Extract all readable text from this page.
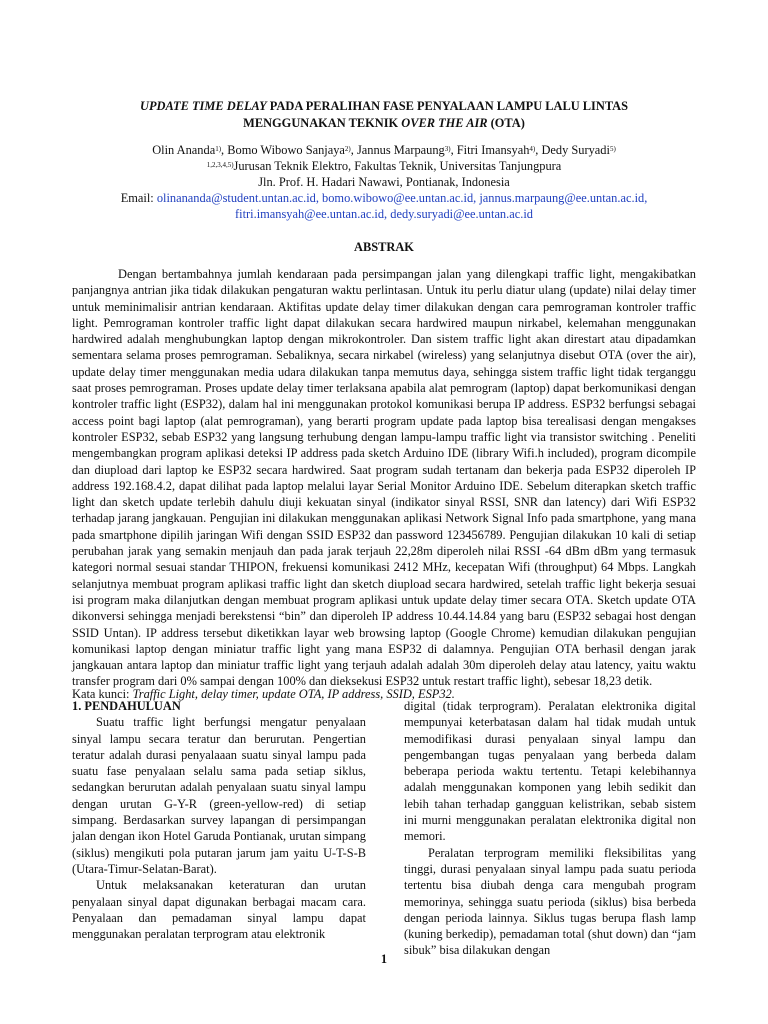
UPDATE TIME DELAY PADA PERALIHAN FASE PENYALAAN LAMPU LALU LINTAS
MENGGUNAKAN TEKNIK OVER THE AIR (OTA)
Olin Ananda$^{1)}$, Bomo Wibowo Sanjaya$^{2)}$, Jannus Marpaung$^{3)}$, Fitri Imansyah$^{4)}$, Dedy Suryadi$^{5)}$
$^{1,2,3,4,5)}$Jurusan Teknik Elektro, Fakultas Teknik, Universitas Tanjungpura
Jln. Prof. H. Hadari Nawawi, Pontianak, Indonesia
Email: olinananda@student.untan.ac.id, bomo.wibowo@ee.untan.ac.id, jannus.marpaung@ee.untan.ac.id,
fitri.imansyah@ee.untan.ac.id, dedy.suryadi@ee.untan.ac.id
ABSTRAK

Dengan bertambahnya jumlah kendaraan pada persimpangan jalan yang dilengkapi traffic light, mengakibatkan panjangnya antrian jika tidak dilakukan pengaturan waktu perlintasan. Untuk itu perlu diatur ulang (update) nilai delay timer untuk meminimalisir antrian kendaraan. Aktifitas update delay timer dilakukan dengan cara pemrograman kontroler traffic light. Pemrograman kontroler traffic light dapat dilakukan secara hardwired maupun nirkabel, kelemahan menggunakan hardwired adalah menghubungkan laptop dengan mikrokontroler. Dan sistem traffic light akan direstart atau dipadamkan sementara selama proses pemrograman. Sebaliknya, secara nirkabel (wireless) yang selanjutnya disebut OTA (over the air), update delay timer menggunakan media udara dilakukan tanpa memutus daya, sehingga sistem traffic light tidak terganggu saat proses pemrograman. Proses update delay timer terlaksana apabila alat pemrogram (laptop) dapat berkomunikasi dengan kontroler traffic light (ESP32), dalam hal ini menggunakan protokol komunikasi berupa IP address. ESP32 berfungsi sebagai access point bagi laptop (alat pemrograman), yang berarti program update pada laptop bisa terealisasi dengan mengakses kontroler ESP32, sebab ESP32 yang langsung terhubung dengan lampu-lampu traffic light via transistor switching . Peneliti mengembangkan program aplikasi deteksi IP address pada sketch Arduino IDE (library Wifi.h included), program dicompile dan diupload dari laptop ke ESP32 secara hardwired. Saat program sudah tertanam dan bekerja pada ESP32 diperoleh IP address 192.168.4.2, dapat dilihat pada laptop melalui layar Serial Monitor Arduino IDE. Sebelum diterapkan sketch traffic light dan sketch update terlebih dahulu diuji kekuatan sinyal (indikator sinyal RSSI, SNR dan latency) dari Wifi ESP32 terhadap jarang jangkauan. Pengujian ini dilakukan menggunakan aplikasi Network Signal Info pada smartphone, yang mana pada smartphone dipilih jaringan Wifi dengan SSID ESP32 dan password 123456789. Pengujian dilakukan 10 kali di setiap perubahan jarak yang semakin menjauh dan pada jarak terjauh 22,28m diperoleh nilai RSSI -64 dBm dBm yang termasuk kategori normal sesuai standar THIPON, frekuensi komunikasi 2412 MHz, kecepatan Wifi (throughput) 64 Mbps. Langkah selanjutnya membuat program aplikasi traffic light dan sketch diupload secara hardwired, setelah traffic light bekerja sesuai isi program maka dilanjutkan dengan membuat program aplikasi untuk update delay timer secara OTA. Sketch update OTA dikonversi sehingga menjadi berekstensi “bin” dan diperoleh IP address 10.44.14.84 yang baru (ESP32 sebagai host dengan SSID Untan). IP address tersebut diketikkan layar web browsing laptop (Google Chrome) kemudian dilakukan pengujian komunikasi laptop dengan miniatur traffic light yang mana ESP32 di dalamnya. Pengujian OTA berhasil dengan jarak jangkauan antara laptop dan miniatur traffic light yang terjauh adalah adalah 30m diperoleh delay atau latency, yaitu waktu transfer program dari 0% sampai dengan 100% dan dieksekusi ESP32 untuk restart traffic light), sebesar 18,23 detik.

Kata kunci: Traffic Light, delay timer, update OTA, IP address, SSID, ESP32.

1. PENDAHULUAN

Suatu traffic light berfungsi mengatur penyalaan sinyal lampu secara teratur dan berurutan. Pengertian teratur adalah durasi penyalaaan suatu sinyal lampu pada suatu fase penyalaan selalu sama pada setiap siklus, sedangkan berurutan adalah penyalaan suatu sinyal lampu dengan urutan G-Y-R (green-yellow-red) di setiap simpang. Berdasarkan survey lapangan di persimpangan jalan dengan ikon Hotel Garuda Pontianak, urutan simpang (siklus) mengikuti pola putaran jarum jam yaitu U-T-S-B (Utara-Timur-Selatan-Barat).

Untuk melaksanakan keteraturan dan urutan penyalaan sinyal dapat digunakan berbagai macam cara. Penyalaan dan pemadaman sinyal lampu dapat menggunakan peralatan terprogram atau elektronik

digital (tidak terprogram). Peralatan elektronika digital mempunyai keterbatasan dalam hal tidak mudah untuk memodifikasi durasi penyalaan sinyal lampu dan pengembangan tugas penyalaan yang berbeda dalam beberapa perioda waktu tertentu. Tetapi kelebihannya adalah menggunakan komponen yang lebih sedikit dan lebih tahan terhadap gangguan kelistrikan, sebab sistem ini murni menggunakan peralatan elektronika digital non memori.

Peralatan terprogram memiliki fleksibilitas yang tinggi, durasi penyalaan sinyal lampu pada suatu perioda tertentu bisa diubah denga cara mengubah program memorinya, sehingga suatu perioda (siklus) bisa berbeda dengan perioda lainnya. Siklus tugas berupa flash lamp (kuning berkedip), pemadaman total (shut down) dan “jam sibuk” bisa dilakukan dengan

1
